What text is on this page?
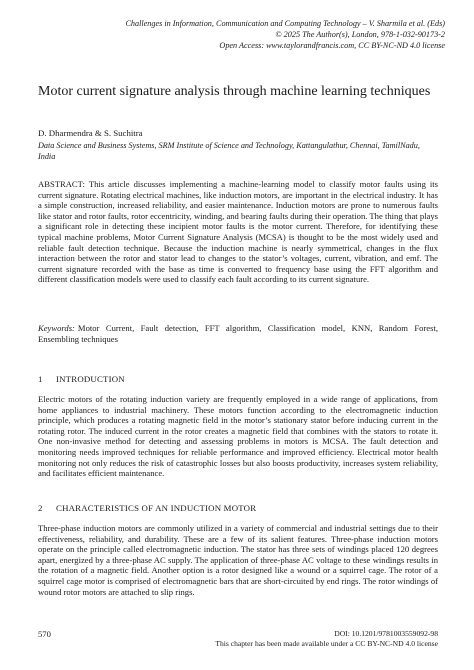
Challenges in Information, Communication and Computing Technology – V. Sharmila et al. (Eds)
© 2025 The Author(s), London, 978-1-032-90173-2
Open Access: www.taylorandfrancis.com, CC BY-NC-ND 4.0 license
Motor current signature analysis through machine learning techniques
D. Dharmendra & S. Suchitra
Data Science and Business Systems, SRM Institute of Science and Technology, Kattangulathur, Chennai, TamilNadu, India

ABSTRACT: This article discusses implementing a machine-learning model to classify motor faults using its current signature. Rotating electrical machines, like induction motors, are important in the electrical industry. It has a simple construction, increased reliability, and easier maintenance. Induction motors are prone to numerous faults like stator and rotor faults, rotor eccentricity, winding, and bearing faults during their operation. The thing that plays a significant role in detecting these incipient motor faults is the motor current. Therefore, for identifying these typical machine problems, Motor Current Signature Analysis (MCSA) is thought to be the most widely used and reliable fault detection technique. Because the induction machine is nearly symmetrical, changes in the flux interaction between the rotor and stator lead to changes to the stator’s voltages, current, vibration, and emf. The current signature recorded with the base as time is converted to frequency base using the FFT algorithm and different classification models were used to classify each fault according to its current signature.

Keywords: Motor Current, Fault detection, FFT algorithm, Classification model, KNN, Random Forest, Ensembling techniques

1 INTRODUCTION

Electric motors of the rotating induction variety are frequently employed in a wide range of applications, from home appliances to industrial machinery. These motors function according to the electromagnetic induction principle, which produces a rotating magnetic field in the motor’s stationary stator before inducing current in the rotating rotor. The induced current in the rotor creates a magnetic field that combines with the stators to rotate it. One non-invasive method for detecting and assessing problems in motors is MCSA. The fault detection and monitoring needs improved techniques for reliable performance and improved efficiency. Electrical motor health monitoring not only reduces the risk of catastrophic losses but also boosts productivity, increases system reliability, and facilitates efficient maintenance.

2 CHARACTERISTICS OF AN INDUCTION MOTOR

Three-phase induction motors are commonly utilized in a variety of commercial and industrial settings due to their effectiveness, reliability, and durability. These are a few of its salient features. Three-phase induction motors operate on the principle called electromagnetic induction. The stator has three sets of windings placed 120 degrees apart, energized by a three-phase AC supply. The application of three-phase AC voltage to these windings results in the rotation of a magnetic field. Another option is a rotor designed like a wound or a squirrel cage. The rotor of a squirrel cage motor is comprised of electromagnetic bars that are short-circuited by end rings. The rotor windings of wound rotor motors are attached to slip rings.

570	DOI: 10.1201/9781003559092-98
This chapter has been made available under a CC BY-NC-ND 4.0 license
